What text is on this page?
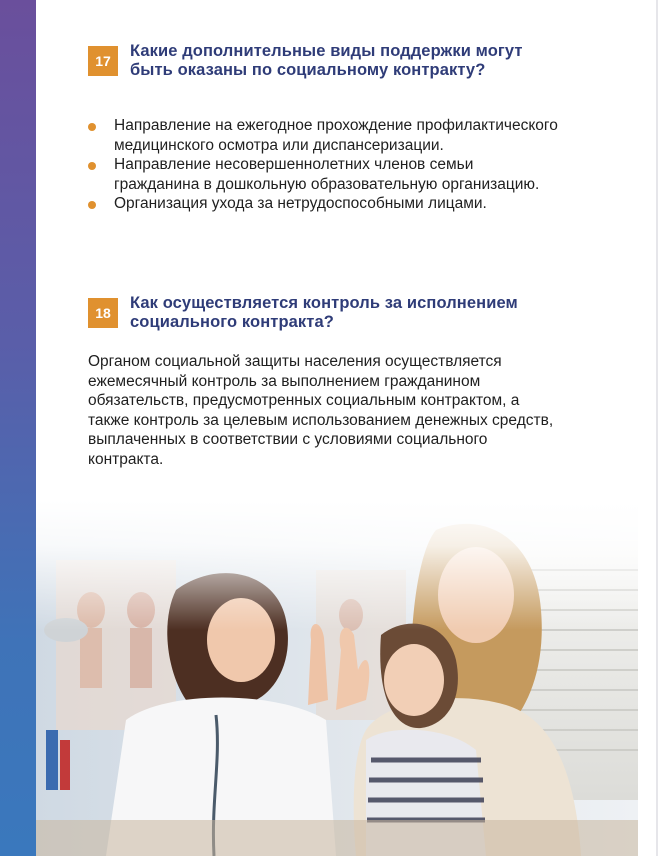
17
Какие дополнительные виды поддержки могут быть оказаны по социальному контракту?
Направление на ежегодное прохождение профилактического медицинского осмотра или диспансеризации.
Направление несовершеннолетних членов семьи гражданина в дошкольную образовательную организацию.
Организация ухода за нетрудоспособными лицами.
18
Как осуществляется контроль за исполнением социального контракта?

Органом социальной защиты населения осуществляется ежемесячный контроль за выполнением гражданином обязательств, предусмотренных социальным контрактом, а также контроль за целевым использованием денежных средств, выплаченных в соответствии с условиями социального контракта.
